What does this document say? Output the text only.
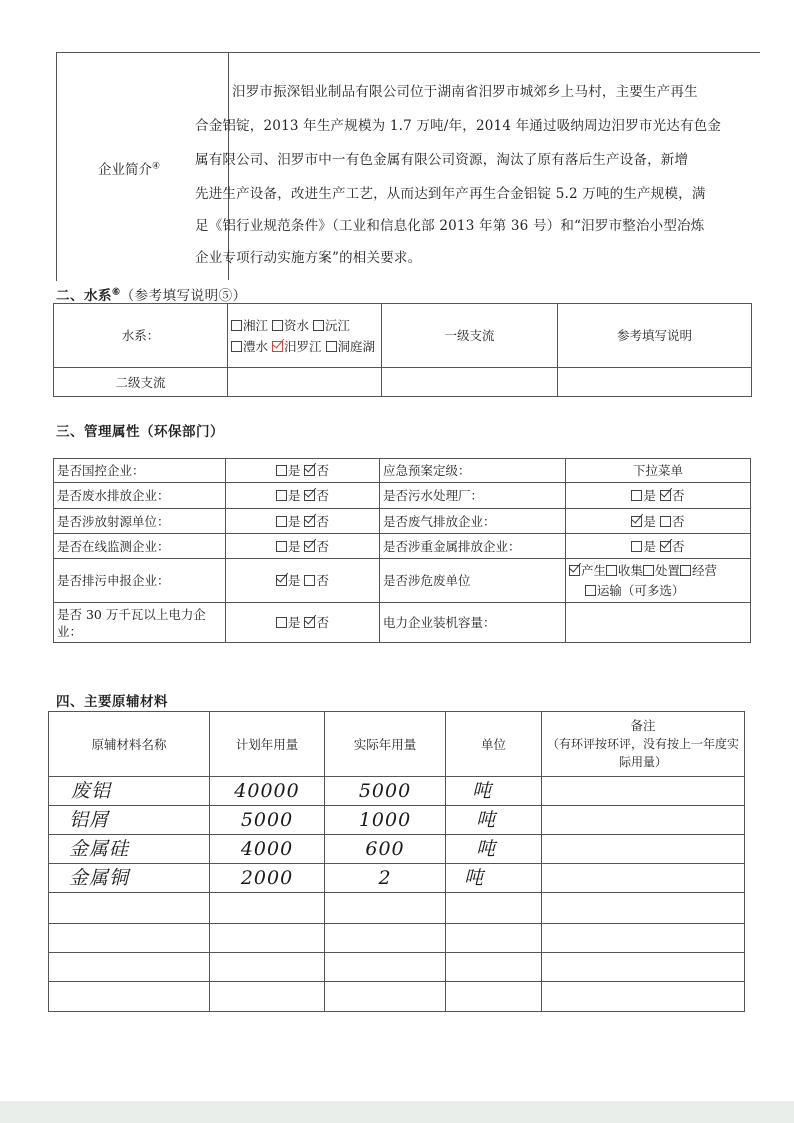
企业简介④
汨罗市振深铝业制品有限公司位于湖南省汨罗市城郊乡上马村，主要生产再生
合金铝锭，2013 年生产规模为 1.7 万吨/年，2014 年通过吸纳周边汨罗市光达有色金
属有限公司、汨罗市中一有色金属有限公司资源，淘汰了原有落后生产设备，新增
先进生产设备，改进生产工艺，从而达到年产再生合金铝锭 5.2 万吨的生产规模，满
足《铝行业规范条件》（工业和信息化部 2013 年第 36 号）和“汨罗市整治小型冶炼
企业专项行动实施方案”的相关要求。
二、水系⑥（参考填写说明⑤）
水系：	湘江 资水 沅江
澧水 汨罗江 洞庭湖	一级支流	参考填写说明
二级支流			
三、管理属性（环保部门）
是否国控企业：	是 否	应急预案定级：	下拉菜单
是否废水排放企业：	是 否	是否污水处理厂：	是 否
是否涉放射源单位：	是 否	是否废气排放企业：	是 否
是否在线监测企业：	是 否	是否涉重金属排放企业：	是 否
是否排污申报企业：	是 否	是否涉危废单位	产生 收集 处置 经营
运输（可多选）
是否 30 万千瓦以上电力企业：	是 否	电力企业装机容量：	
四、主要原辅材料
原辅材料名称	计划年用量	实际年用量	单位	备注
（有环评按环评，没有按上一年度实际用量）

废铝	40000	5000	吨	
铝屑	5000	1000	吨	
金属硅	4000	600	吨	
金属铜	2000	2	吨	
